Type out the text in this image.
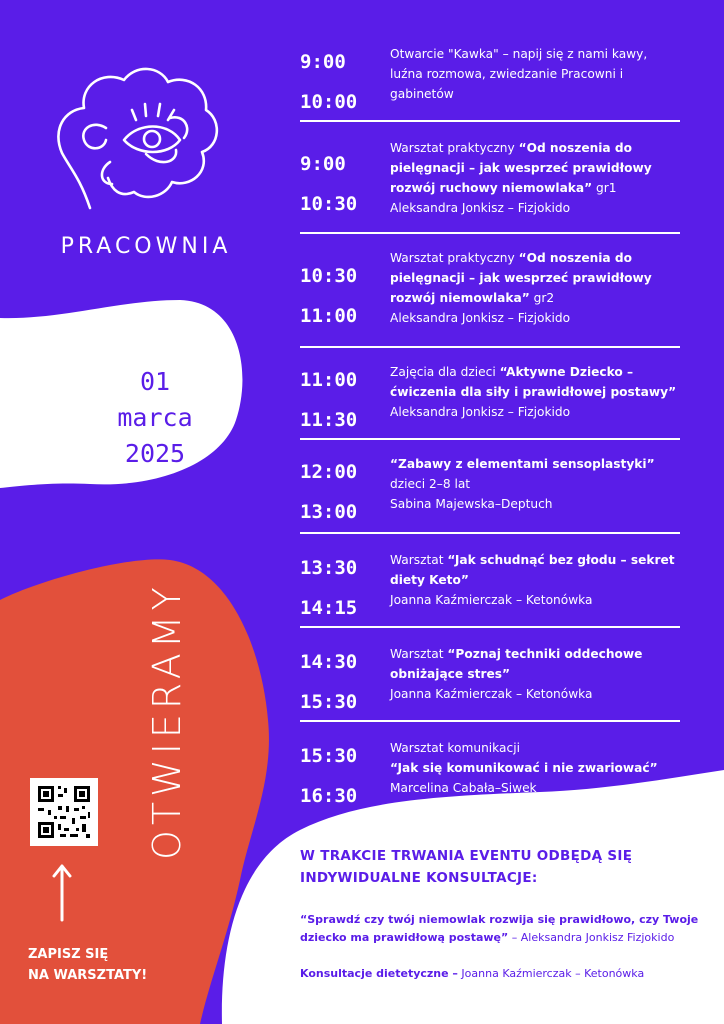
PRACOWNIA
01
marca
2025
OTWIERAMY
ZAPISZ SIĘ
NA WARSZTATY!
9:00
10:00
Otwarcie "Kawka" – napij się z nami kawy, luźna rozmowa, zwiedzanie Pracowni i gabinetów
9:00
10:30
Warsztat praktyczny “Od noszenia do pielęgnacji – jak wesprzeć prawidłowy rozwój ruchowy niemowlaka” gr1
Aleksandra Jonkisz – Fizjokido
10:30
11:00
Warsztat praktyczny “Od noszenia do pielęgnacji – jak wesprzeć prawidłowy rozwój niemowlaka” gr2
Aleksandra Jonkisz – Fizjokido
11:00
11:30
Zajęcia dla dzieci “Aktywne Dziecko – ćwiczenia dla siły i prawidłowej postawy”
Aleksandra Jonkisz – Fizjokido
12:00
13:00
“Zabawy z elementami sensoplastyki”
dzieci 2–8 lat
Sabina Majewska–Deptuch
13:30
14:15
Warsztat “Jak schudnąć bez głodu – sekret diety Keto”
Joanna Kaźmierczak – Ketonówka
14:30
15:30
Warsztat “Poznaj techniki oddechowe obniżające stres”
Joanna Kaźmierczak – Ketonówka
15:30
16:30
Warsztat komunikacji
“Jak się komunikować i nie zwariować”
Marcelina Cabała–Siwek
W TRAKCIE TRWANIA EVENTU ODBĘDĄ SIĘ
INDYWIDUALNE KONSULTACJE:

“Sprawdź czy twój niemowlak rozwija się prawidłowo, czy Twoje dziecko ma prawidłową postawę” – Aleksandra Jonkisz Fizjokido

Konsultacje dietetyczne – Joanna Kaźmierczak – Ketonówka
